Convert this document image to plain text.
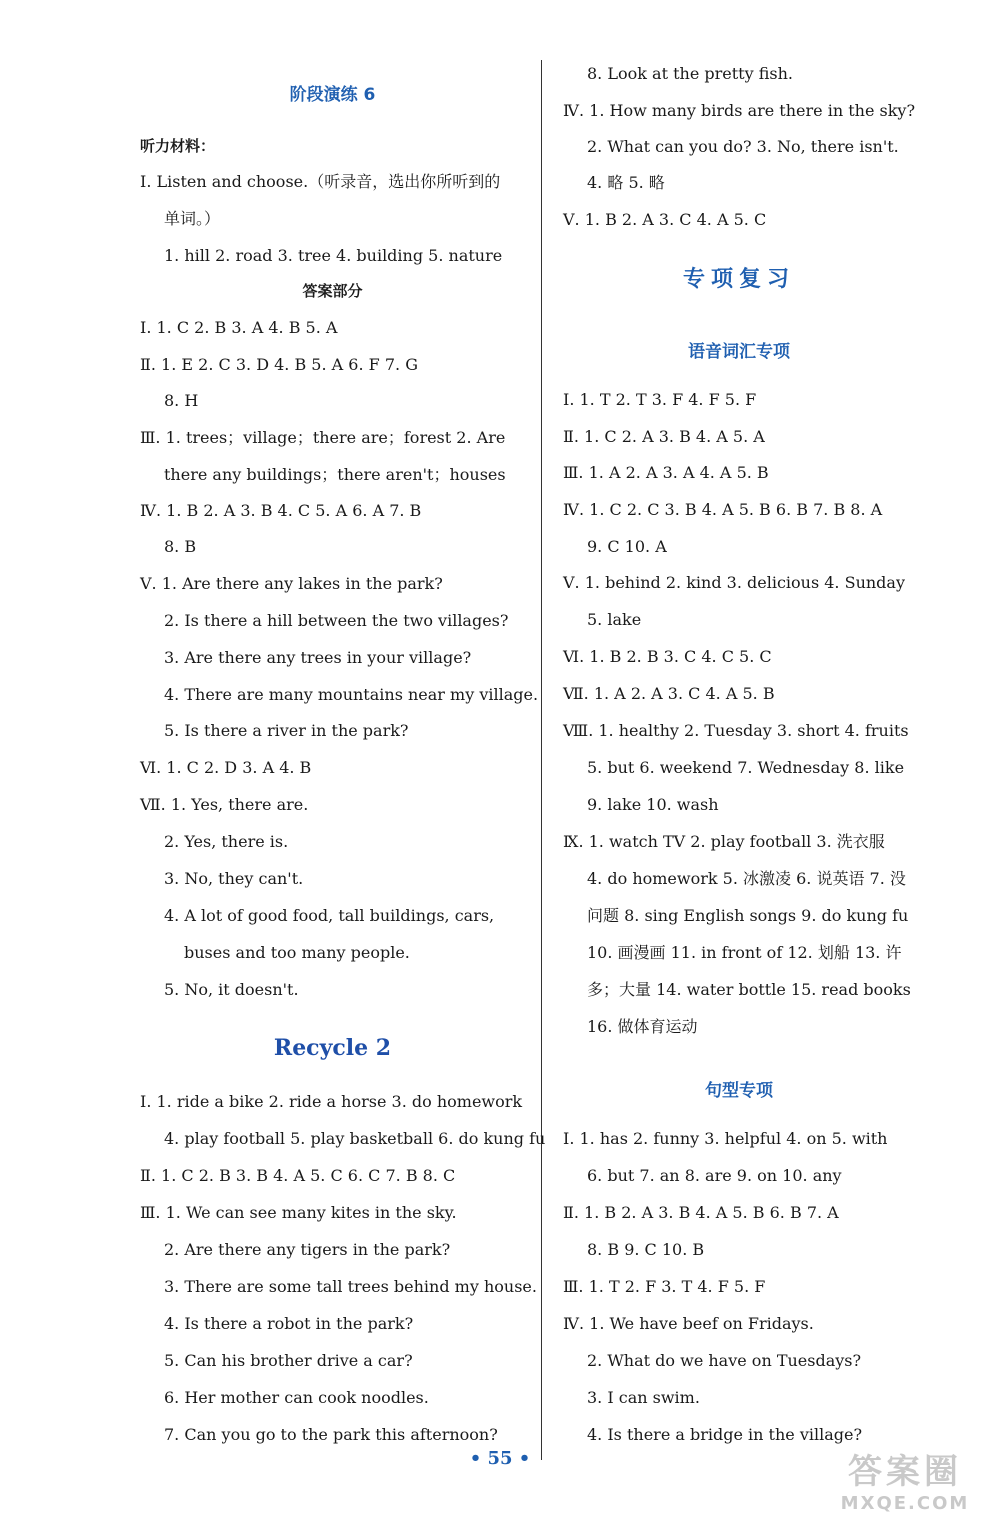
阶段演练 6
听力材料：
Ⅰ. Listen and choose.（听录音，选出你所听到的
单词。）
1. hill 2. road 3. tree 4. building 5. nature
答案部分
Ⅰ. 1. C 2. B 3. A 4. B 5. A
Ⅱ. 1. E 2. C 3. D 4. B 5. A 6. F 7. G
8. H
Ⅲ. 1. trees；village；there are；forest 2. Are
there any buildings；there aren't；houses
Ⅳ. 1. B 2. A 3. B 4. C 5. A 6. A 7. B
8. B
Ⅴ. 1. Are there any lakes in the park?
2. Is there a hill between the two villages?
3. Are there any trees in your village?
4. There are many mountains near my village.
5. Is there a river in the park?
Ⅵ. 1. C 2. D 3. A 4. B
Ⅶ. 1. Yes, there are.
2. Yes, there is.
3. No, they can't.
4. A lot of good food, tall buildings, cars,
buses and too many people.
5. No, it doesn't.
Recycle 2
Ⅰ. 1. ride a bike 2. ride a horse 3. do homework
4. play football 5. play basketball 6. do kung fu
Ⅱ. 1. C 2. B 3. B 4. A 5. C 6. C 7. B 8. C
Ⅲ. 1. We can see many kites in the sky.
2. Are there any tigers in the park?
3. There are some tall trees behind my house.
4. Is there a robot in the park?
5. Can his brother drive a car?
6. Her mother can cook noodles.
7. Can you go to the park this afternoon?
8. Look at the pretty fish.
Ⅳ. 1. How many birds are there in the sky?
2. What can you do? 3. No, there isn't.
4. 略 5. 略
Ⅴ. 1. B 2. A 3. C 4. A 5. C
专项复习
语音词汇专项
Ⅰ. 1. T 2. T 3. F 4. F 5. F
Ⅱ. 1. C 2. A 3. B 4. A 5. A
Ⅲ. 1. A 2. A 3. A 4. A 5. B
Ⅳ. 1. C 2. C 3. B 4. A 5. B 6. B 7. B 8. A
9. C 10. A
Ⅴ. 1. behind 2. kind 3. delicious 4. Sunday
5. lake
Ⅵ. 1. B 2. B 3. C 4. C 5. C
Ⅶ. 1. A 2. A 3. C 4. A 5. B
Ⅷ. 1. healthy 2. Tuesday 3. short 4. fruits
5. but 6. weekend 7. Wednesday 8. like
9. lake 10. wash
Ⅸ. 1. watch TV 2. play football 3. 洗衣服
4. do homework 5. 冰激凌 6. 说英语 7. 没
问题 8. sing English songs 9. do kung fu
10. 画漫画 11. in front of 12. 划船 13. 许
多；大量 14. water bottle 15. read books
16. 做体育运动
句型专项
Ⅰ. 1. has 2. funny 3. helpful 4. on 5. with
6. but 7. an 8. are 9. on 10. any
Ⅱ. 1. B 2. A 3. B 4. A 5. B 6. B 7. A
8. B 9. C 10. B
Ⅲ. 1. T 2. F 3. T 4. F 5. F
Ⅳ. 1. We have beef on Fridays.
2. What do we have on Tuesdays?
3. I can swim.
4. Is there a bridge in the village?
• 55 •	答案圈
MXQE.COM
